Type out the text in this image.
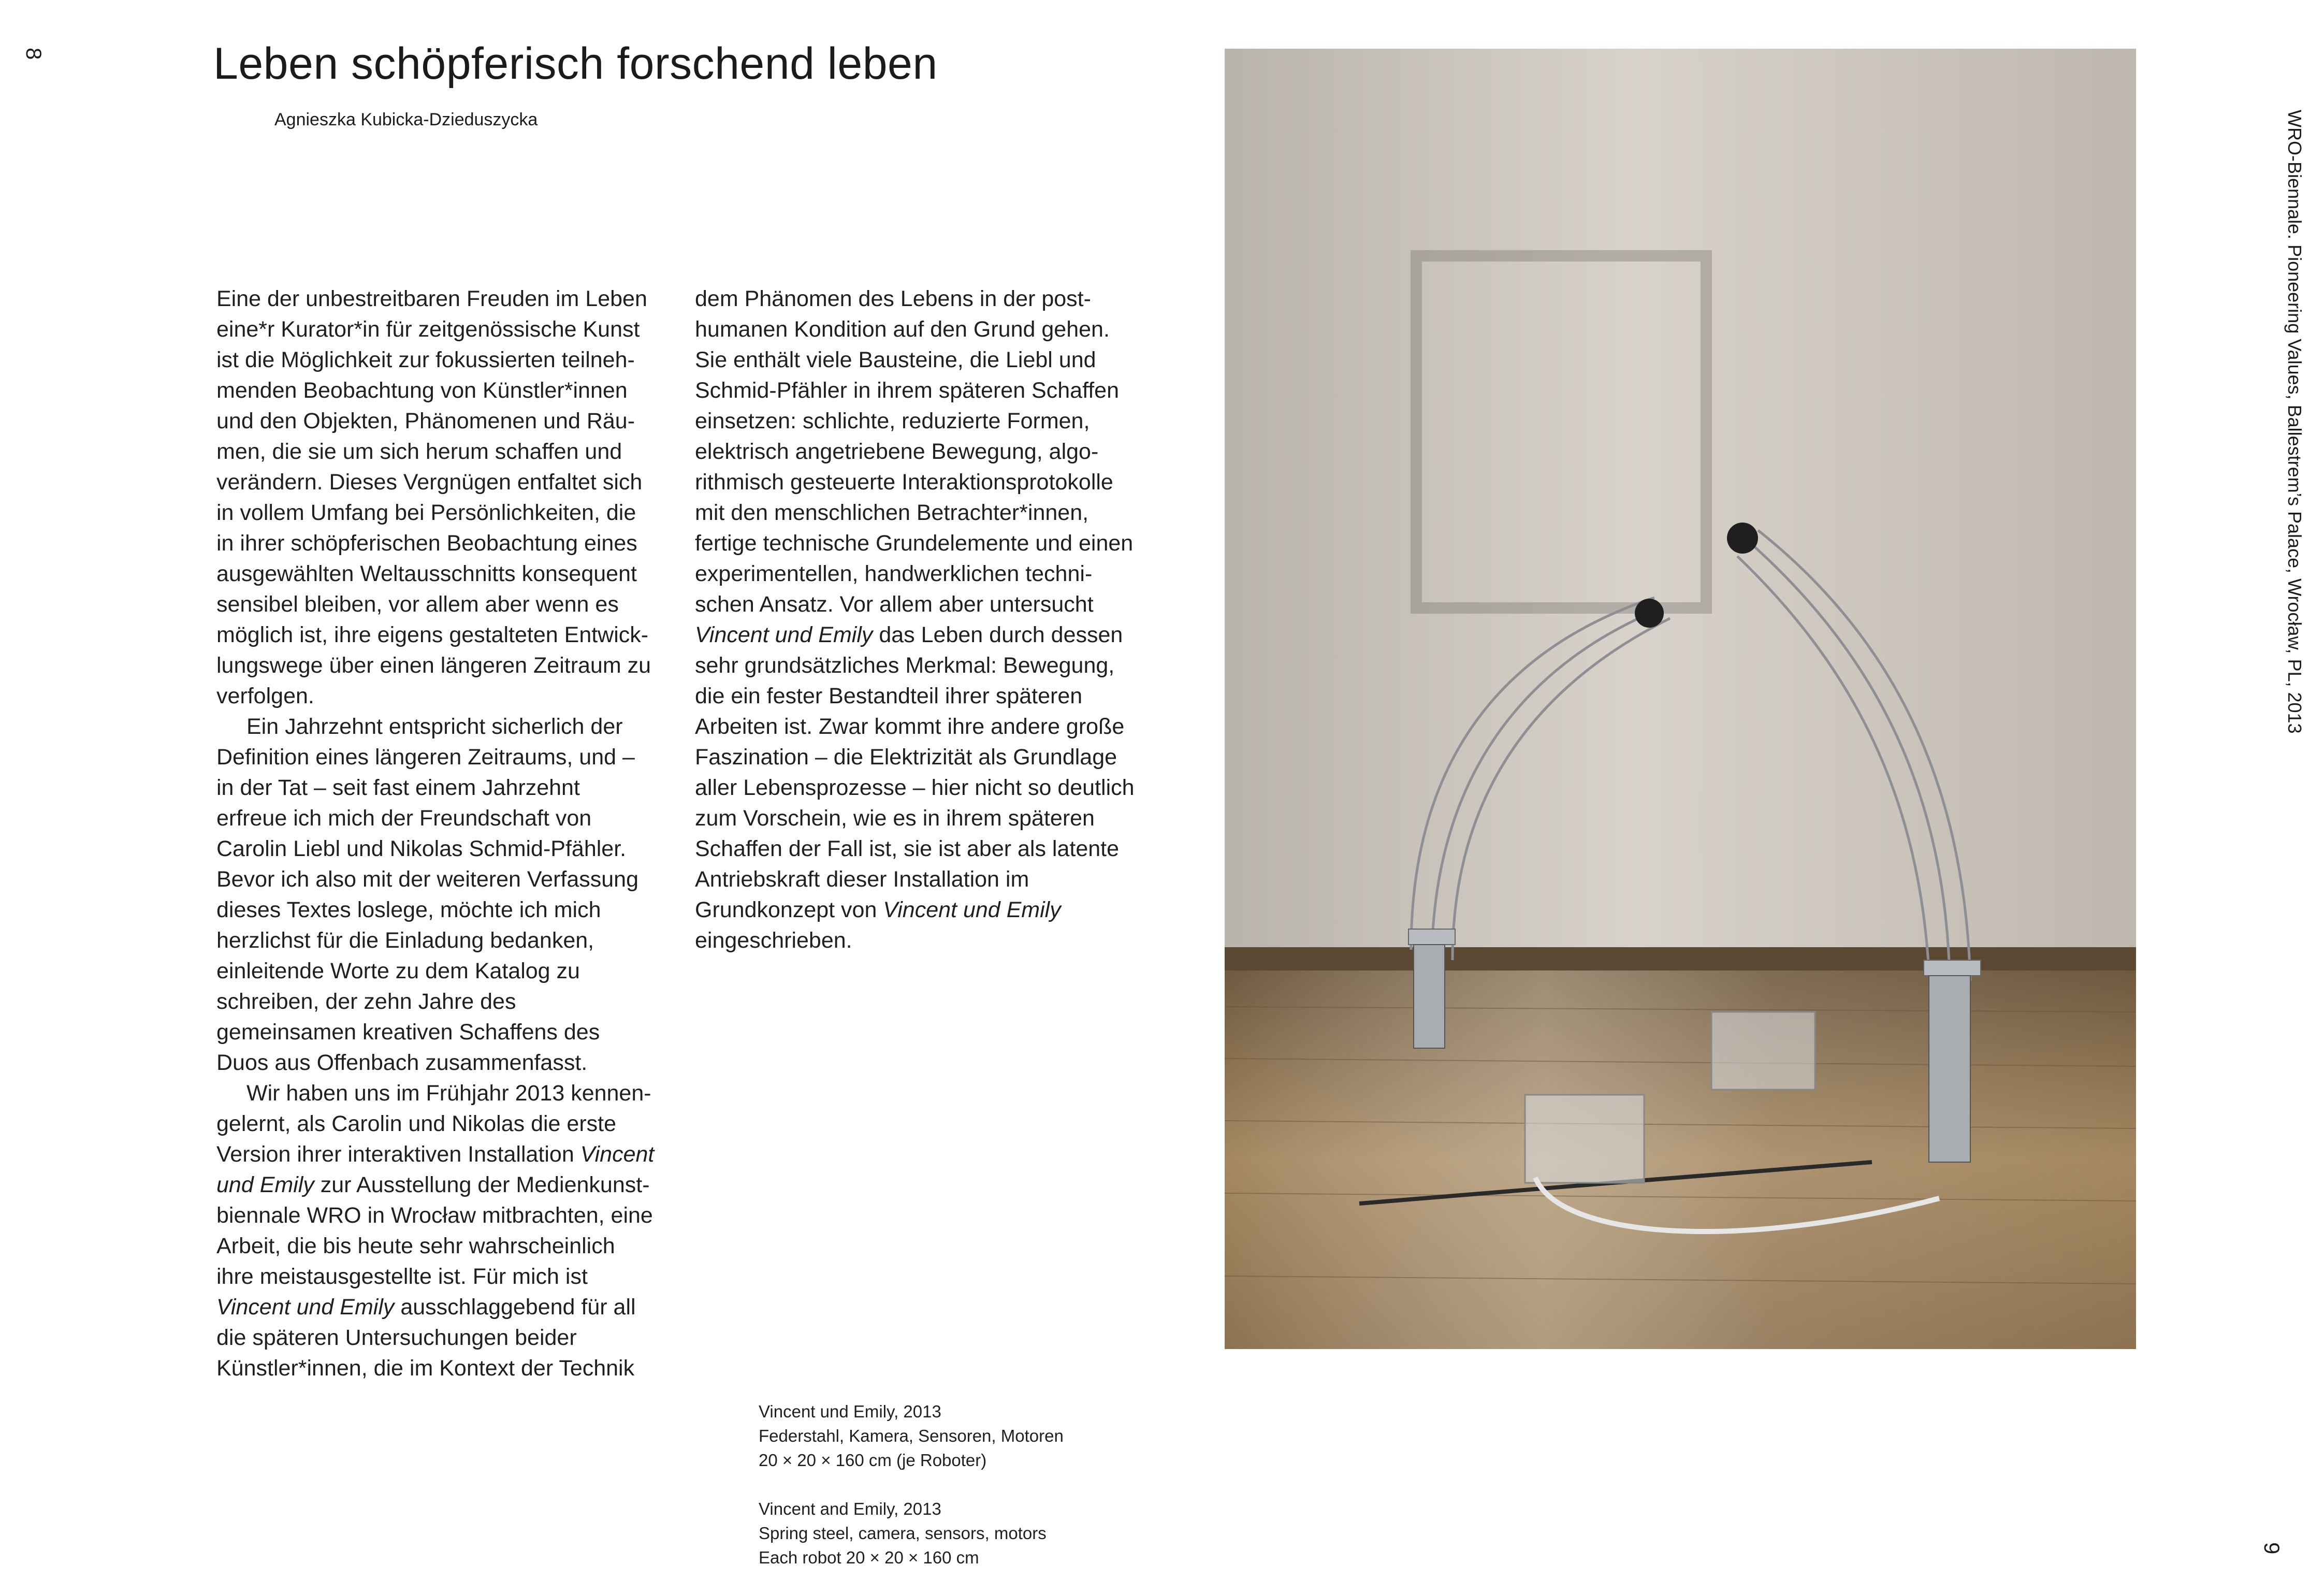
8	Leben schöpferisch forschend leben
Agnieszka Kubicka-Dzieduszycka

Eine der unbestreitbaren Freuden im Leben eine*r Kurator*in für zeitgenössische Kunst ist die Möglichkeit zur fokussierten teilnehmenden Beobachtung von Künstler*innen und den Objekten, Phänomenen und Räumen, die sie um sich herum schaffen und verändern. Dieses Vergnügen entfaltet sich in vollem Umfang bei Persönlichkeiten, die in ihrer schöpferischen Beobachtung eines ausgewählten Weltausschnitts konsequent sensibel bleiben, vor allem aber wenn es möglich ist, ihre eigens gestalteten Entwicklungswege über einen längeren Zeitraum zu verfolgen.

Ein Jahrzehnt entspricht sicherlich der Definition eines längeren Zeitraums, und – in der Tat – seit fast einem Jahrzehnt erfreue ich mich der Freundschaft von Carolin Liebl und Nikolas Schmid-Pfähler. Bevor ich also mit der weiteren Verfassung dieses Textes loslege, möchte ich mich herzlichst für die Einladung bedanken, einleitende Worte zu dem Katalog zu schreiben, der zehn Jahre des gemeinsamen kreativen Schaffens des Duos aus Offenbach zusammenfasst.

Wir haben uns im Frühjahr 2013 kennengelernt, als Carolin und Nikolas die erste Version ihrer interaktiven Installation Vincent und Emily zur Ausstellung der Medienkunstbiennale WRO in Wrocław mitbrachten, eine Arbeit, die bis heute sehr wahrscheinlich ihre meistausgestellte ist. Für mich ist Vincent und Emily ausschlaggebend für all die späteren Untersuchungen beider Künstler*innen, die im Kontext der Technik

dem Phänomen des Lebens in der posthumanen Kondition auf den Grund gehen. Sie enthält viele Bausteine, die Liebl und Schmid-Pfähler in ihrem späteren Schaffen einsetzen: schlichte, reduzierte Formen, elektrisch angetriebene Bewegung, algorithmisch gesteuerte Interaktionsprotokolle mit den menschlichen Betrachter*innen, fertige technische Grundelemente und einen experimentellen, handwerklichen technischen Ansatz. Vor allem aber untersucht Vincent und Emily das Leben durch dessen sehr grundsätzliches Merkmal: Bewegung, die ein fester Bestandteil ihrer späteren Arbeiten ist. Zwar kommt ihre andere große Faszination – die Elektrizität als Grundlage aller Lebensprozesse – hier nicht so deutlich zum Vorschein, wie es in ihrem späteren Schaffen der Fall ist, sie ist aber als latente Antriebskraft dieser Installation im Grundkonzept von Vincent und Emily eingeschrieben.

WRO-Biennale. Pioneering Values, Ballestrem’s Palace, Wrocław, PL, 2013
Vincent und Emily, 2013
Federstahl, Kamera, Sensoren, Motoren
20 × 20 × 160 cm (je Roboter)
Vincent and Emily, 2013
Spring steel, camera, sensors, motors
Each robot 20 × 20 × 160 cm	9
